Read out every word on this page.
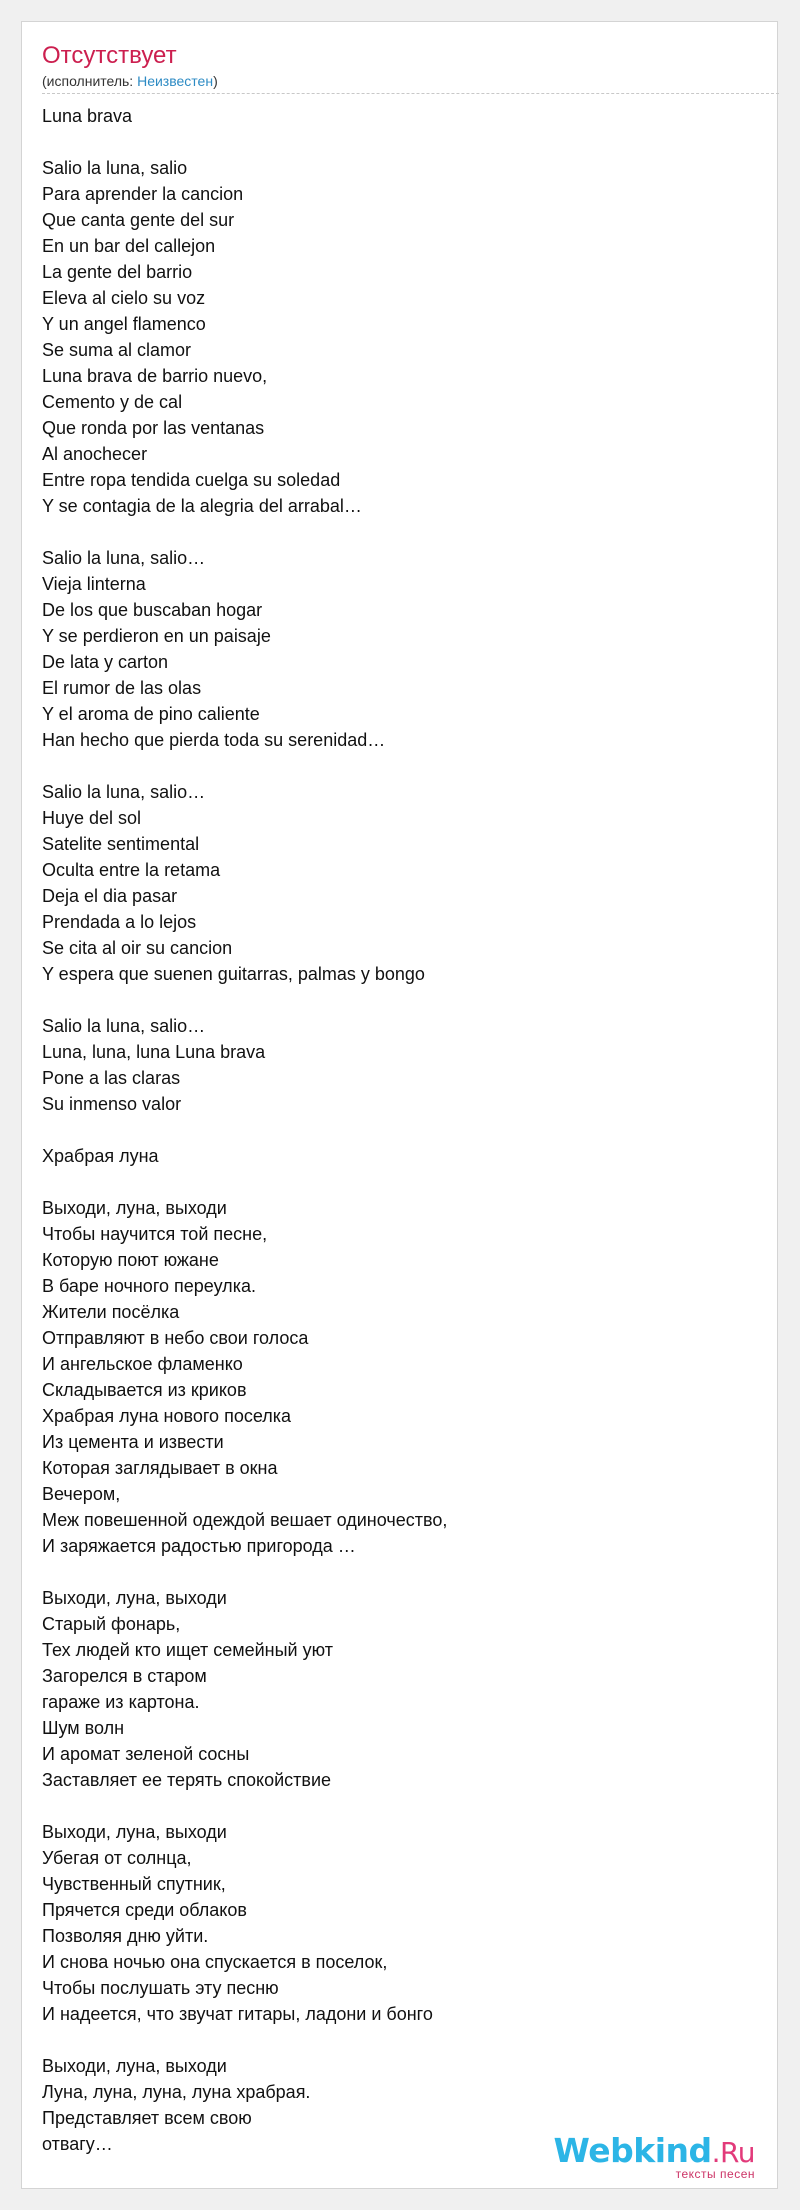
Отсутствует
(исполнитель: Неизвестен)
Luna brava
Salio la luna, salio
Para aprender la cancion
Que canta gente del sur
En un bar del callejon
La gente del barrio
Eleva al cielo su voz
Y un angel flamenco
Se suma al clamor
Luna brava de barrio nuevo,
Cemento y de cal
Que ronda por las ventanas
Al anochecer
Entre ropa tendida cuelga su soledad
Y se contagia de la alegria del arrabal…
Salio la luna, salio…
Vieja linterna
De los que buscaban hogar
Y se perdieron en un paisaje
De lata y carton
El rumor de las olas
Y el aroma de pino caliente
Han hecho que pierda toda su serenidad…
Salio la luna, salio…
Huye del sol
Satelite sentimental
Oculta entre la retama
Deja el dia pasar
Prendada a lo lejos
Se cita al oir su cancion
Y espera que suenen guitarras, palmas y bongo
Salio la luna, salio…
Luna, luna, luna Luna brava
Pone a las claras
Su inmenso valor
Храбрая луна
Выходи, луна, выходи
Чтобы научится той песне,
Которую поют южане
В баре ночного переулка.
Жители посёлка
Отправляют в небо свои голоса
И ангельское фламенко
Складывается из криков
Храбрая луна нового поселка
Из цемента и извести
Которая заглядывает в окна
Вечером,
Меж повешенной одеждой вешает одиночество,
И заряжается радостью пригорода …
Выходи, луна, выходи
Старый фонарь,
Тех людей кто ищет семейный уют
Загорелся в старом
гараже из картона.
Шум волн
И аромат зеленой сосны
Заставляет ее терять спокойствие
Выходи, луна, выходи
Убегая от солнца,
Чувственный спутник,
Прячется среди облаков
Позволяя дню уйти.
И снова ночью она спускается в поселок,
Чтобы послушать эту песню
И надеется, что звучат гитары, ладони и бонго
Выходи, луна, выходи
Луна, луна, луна, луна храбрая.
Представляет всем свою
отвагу…	Webkind.Ru
тексты песен
